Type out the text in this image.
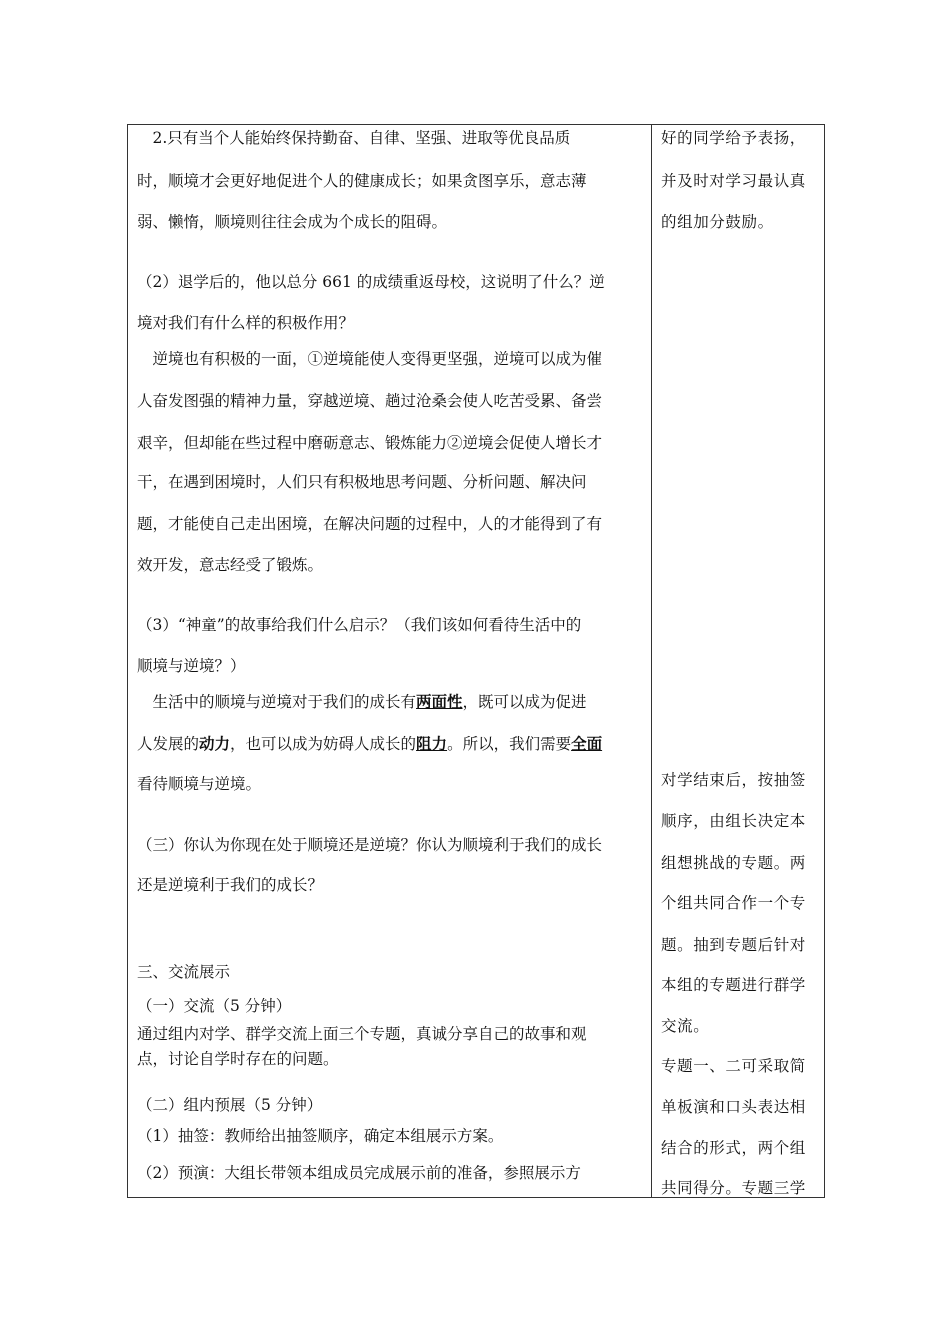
　2.只有当个人能始终保持勤奋、自律、坚强、进取等优良品质
时，顺境才会更好地促进个人的健康成长；如果贪图享乐，意志薄
弱、懒惰，顺境则往往会成为个成长的阻碍。
（2）退学后的，他以总分 661 的成绩重返母校，这说明了什么？逆
境对我们有什么样的积极作用？
　逆境也有积极的一面，①逆境能使人变得更坚强，逆境可以成为催
人奋发图强的精神力量，穿越逆境、趟过沧桑会使人吃苦受累、备尝
艰辛，但却能在些过程中磨砺意志、锻炼能力②逆境会促使人增长才
干，在遇到困境时，人们只有积极地思考问题、分析问题、解决问
题，才能使自己走出困境，在解决问题的过程中，人的才能得到了有
效开发，意志经受了锻炼。
（3）“神童”的故事给我们什么启示？（我们该如何看待生活中的
顺境与逆境？）
　生活中的顺境与逆境对于我们的成长有两面性，既可以成为促进
人发展的动力，也可以成为妨碍人成长的阻力。所以，我们需要全面
看待顺境与逆境。
（三）你认为你现在处于顺境还是逆境？你认为顺境利于我们的成长
还是逆境利于我们的成长？
三、交流展示
（一）交流（5 分钟）
通过组内对学、群学交流上面三个专题，真诚分享自己的故事和观
点，讨论自学时存在的问题。
（二）组内预展（5 分钟）
（1）抽签：教师给出抽签顺序，确定本组展示方案。
（2）预演：大组长带领本组成员完成展示前的准备，参照展示方
好的同学给予表扬，
并及时对学习最认真
的组加分鼓励。
对学结束后，按抽签
顺序，由组长决定本
组想挑战的专题。两
个组共同合作一个专
题。抽到专题后针对
本组的专题进行群学
交流。
专题一、二可采取简
单板演和口头表达相
结合的形式，两个组
共同得分。专题三学
